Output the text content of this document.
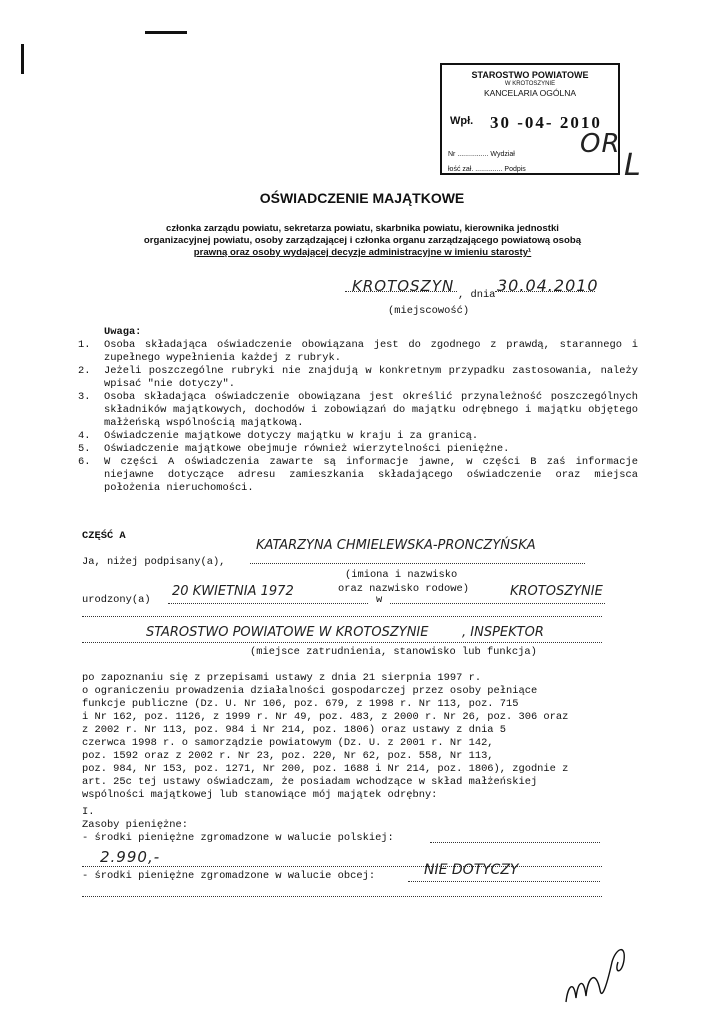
STAROSTWO POWIATOWE
W KROTOSZYNIE
KANCELARIA OGÓLNA
Wpł. 30 -04- 2010
Nr ................ Wydział	OR
łość zał. .............. Podpis	L
OŚWIADCZENIE MAJĄTKOWE
członka zarządu powiatu, sekretarza powiatu, skarbnika powiatu, kierownika jednostki
organizacyjnej powiatu, osoby zarządzającej i członka organu zarządzającego powiatową osobą
prawną oraz osoby wydającej decyzje administracyjne w imieniu starosty¹
KROTOSZYN , dnia 30.04.2010
(miejscowość)
Uwaga:
1.	Osoba składająca oświadczenie obowiązana jest do zgodnego z prawdą, starannego i zupełnego wypełnienia każdej z rubryk.
2.	Jeżeli poszczególne rubryki nie znajdują w konkretnym przypadku zastosowania, należy wpisać "nie dotyczy".
3.	Osoba składająca oświadczenie obowiązana jest określić przynależność poszczególnych składników majątkowych, dochodów i zobowiązań do majątku odrębnego i majątku objętego małżeńską wspólnością majątkową.
4.	Oświadczenie majątkowe dotyczy majątku w kraju i za granicą.
5.	Oświadczenie majątkowe obejmuje również wierzytelności pieniężne.
6.	W części A oświadczenia zawarte są informacje jawne, w części B zaś informacje niejawne dotyczące adresu zamieszkania składającego oświadczenie oraz miejsca położenia nieruchomości.
CZĘŚĆ A
Ja, niżej podpisany(a),
KATARZYNA CHMIELEWSKA-PRONCZYŃSKA
(imiona i nazwisko
oraz nazwisko rodowe)
urodzony(a)
20 KWIETNIA 1972
w
KROTOSZYNIE
STAROSTWO POWIATOWE W KROTOSZYNIE	, INSPEKTOR
(miejsce zatrudnienia, stanowisko lub funkcja)
po zapoznaniu się z przepisami ustawy z dnia 21 sierpnia 1997 r.
o ograniczeniu prowadzenia działalności gospodarczej przez osoby pełniące
funkcje publiczne (Dz. U. Nr 106, poz. 679, z 1998 r. Nr 113, poz. 715
i Nr 162, poz. 1126, z 1999 r. Nr 49, poz. 483, z 2000 r. Nr 26, poz. 306 oraz
z 2002 r. Nr 113, poz. 984 i Nr 214, poz. 1806) oraz ustawy z dnia 5
czerwca 1998 r. o samorządzie powiatowym (Dz. U. z 2001 r. Nr 142,
poz. 1592 oraz z 2002 r. Nr 23, poz. 220, Nr 62, poz. 558, Nr 113,
poz. 984, Nr 153, poz. 1271, Nr 200, poz. 1688 i Nr 214, poz. 1806), zgodnie z
art. 25c tej ustawy oświadczam, że posiadam wchodzące w skład małżeńskiej
wspólności majątkowej lub stanowiące mój majątek odrębny:
I.
Zasoby pieniężne:
- środki pieniężne zgromadzone w walucie polskiej:
2.990,-
- środki pieniężne zgromadzone w walucie obcej:	NIE DOTYCZY
